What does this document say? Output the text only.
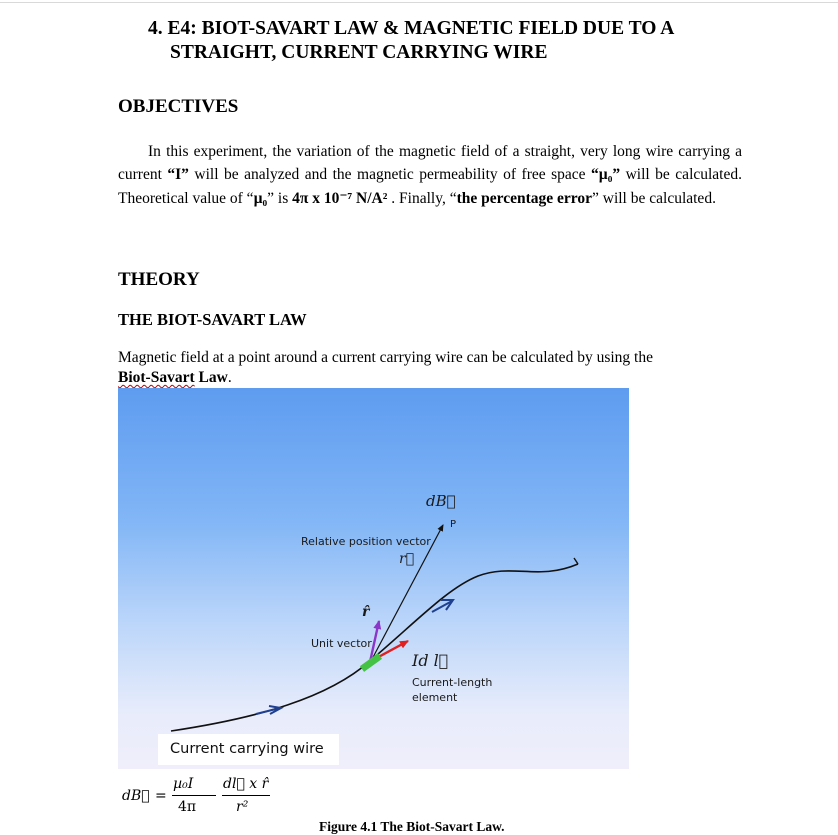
4. E4: BIOT-SAVART LAW & MAGNETIC FIELD DUE TO A
STRAIGHT, CURRENT CARRYING WIRE
OBJECTIVES
In this experiment, the variation of the magnetic field of a straight, very long wire carrying a current “I” will be analyzed and the magnetic permeability of free space “µ₀” will be calculated. Theoretical value of “µ₀” is 4π x 10⁻⁷ N/A² . Finally, “the percentage error” will be calculated.
THEORY
THE BIOT-SAVART LAW
Magnetic field at a point around a current carrying wire can be calculated by using the
Biot-Savart Law.
dB⃗
P
Relative position vector
r⃗
r̂
Unit vector
Id l⃗
Current-length
element
Current carrying wire
dB⃗ =
µ₀I
4π
dl⃗ x r̂
r²
Figure 4.1 The Biot-Savart Law.
